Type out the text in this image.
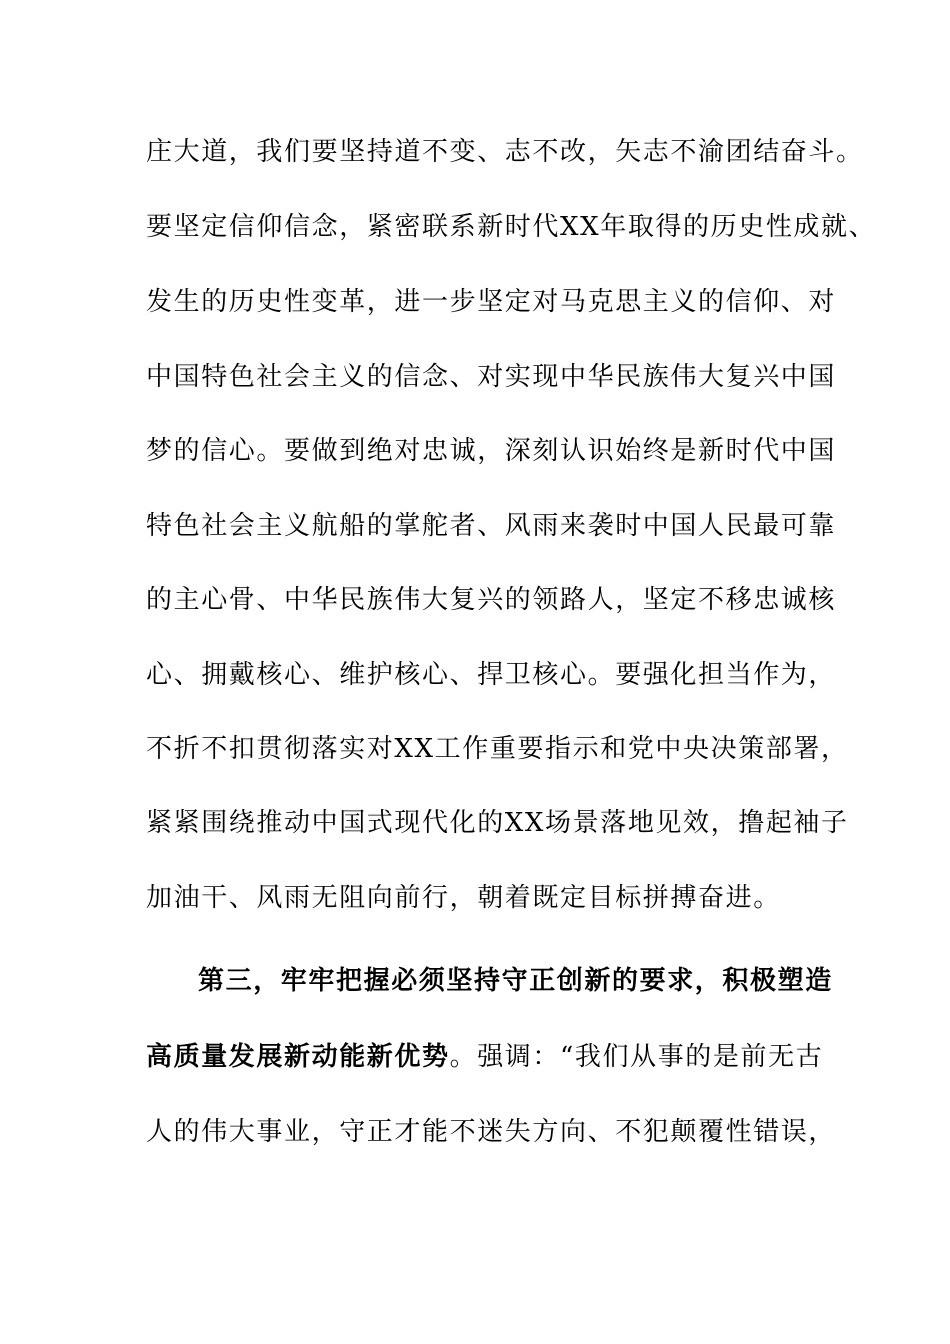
庄大道，我们要坚持道不变、志不改，矢志不渝团结奋斗。
要坚定信仰信念，紧密联系新时代XX年取得的历史性成就、
发生的历史性变革，进一步坚定对马克思主义的信仰、对
中国特色社会主义的信念、对实现中华民族伟大复兴中国
梦的信心。要做到绝对忠诚，深刻认识始终是新时代中国
特色社会主义航船的掌舵者、风雨来袭时中国人民最可靠
的主心骨、中华民族伟大复兴的领路人，坚定不移忠诚核
心、拥戴核心、维护核心、捍卫核心。要强化担当作为，
不折不扣贯彻落实对XX工作重要指示和党中央决策部署，
紧紧围绕推动中国式现代化的XX场景落地见效，撸起袖子
加油干、风雨无阻向前行，朝着既定目标拼搏奋进。
第三，牢牢把握必须坚持守正创新的要求，积极塑造
高质量发展新动能新优势。强调：“我们从事的是前无古
人的伟大事业，守正才能不迷失方向、不犯颠覆性错误，
